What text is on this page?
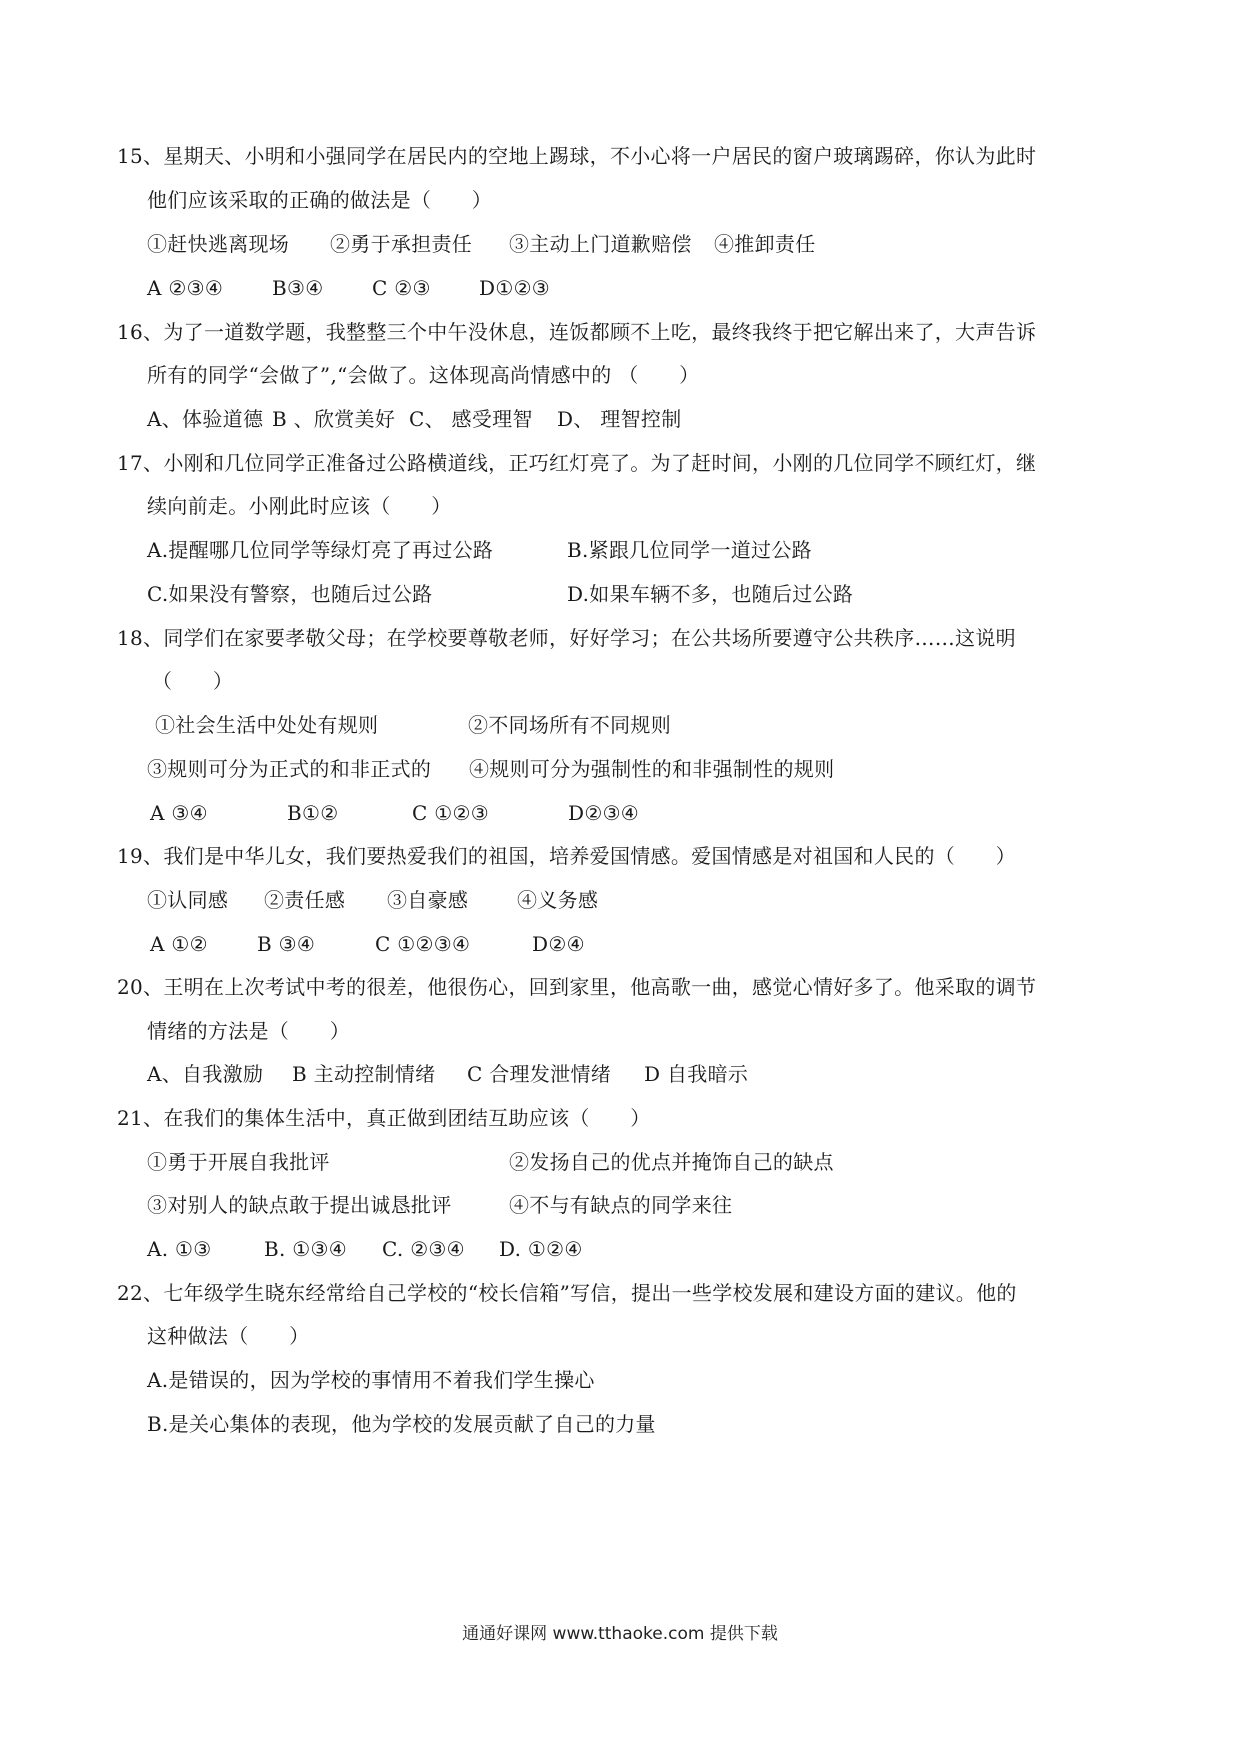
15、星期天、小明和小强同学在居民内的空地上踢球，不小心将一户居民的窗户玻璃踢碎，你认为此时
他们应该采取的正确的做法是（　　）
①赶快逃离现场 ②勇于承担责任 ③主动上门道歉赔偿 ④推卸责任
A ②③④ B③④ C ②③ D①②③
16、为了一道数学题，我整整三个中午没休息，连饭都顾不上吃，最终我终于把它解出来了，大声告诉
所有的同学“会做了”,“会做了。这体现高尚情感中的 （　　）
A、体验道德 B 、欣赏美好 C、 感受理智 D、 理智控制
17、小刚和几位同学正准备过公路横道线，正巧红灯亮了。为了赶时间，小刚的几位同学不顾红灯，继
续向前走。小刚此时应该（　　）
A.提醒哪几位同学等绿灯亮了再过公路	B.紧跟几位同学一道过公路
C.如果没有警察，也随后过公路	D.如果车辆不多，也随后过公路
18、同学们在家要孝敬父母；在学校要尊敬老师，好好学习；在公共场所要遵守公共秩序……这说明
（　　）
①社会生活中处处有规则	②不同场所有不同规则
③规则可分为正式的和非正式的 ④规则可分为强制性的和非强制性的规则
A ③④	B①②	C ①②③	D②③④
19、我们是中华儿女，我们要热爱我们的祖国，培养爱国情感。爱国情感是对祖国和人民的（　　）
①认同感 ②责任感 ③自豪感 ④义务感
A ①② B ③④	C ①②③④	D②④
20、王明在上次考试中考的很差，他很伤心，回到家里，他高歌一曲，感觉心情好多了。他采取的调节
情绪的方法是（　　）
A、自我激励 B 主动控制情绪 C 合理发泄情绪 D 自我暗示
21、在我们的集体生活中，真正做到团结互助应该（　　）
①勇于开展自我批评	②发扬自己的优点并掩饰自己的缺点
③对别人的缺点敢于提出诚恳批评	④不与有缺点的同学来往
A. ①③	B. ①③④ C. ②③④ D. ①②④
22、七年级学生晓东经常给自己学校的“校长信箱”写信，提出一些学校发展和建设方面的建议。他的
这种做法（　　）
A.是错误的，因为学校的事情用不着我们学生操心
B.是关心集体的表现，他为学校的发展贡献了自己的力量
通通好课网 www.tthaoke.com 提供下载
